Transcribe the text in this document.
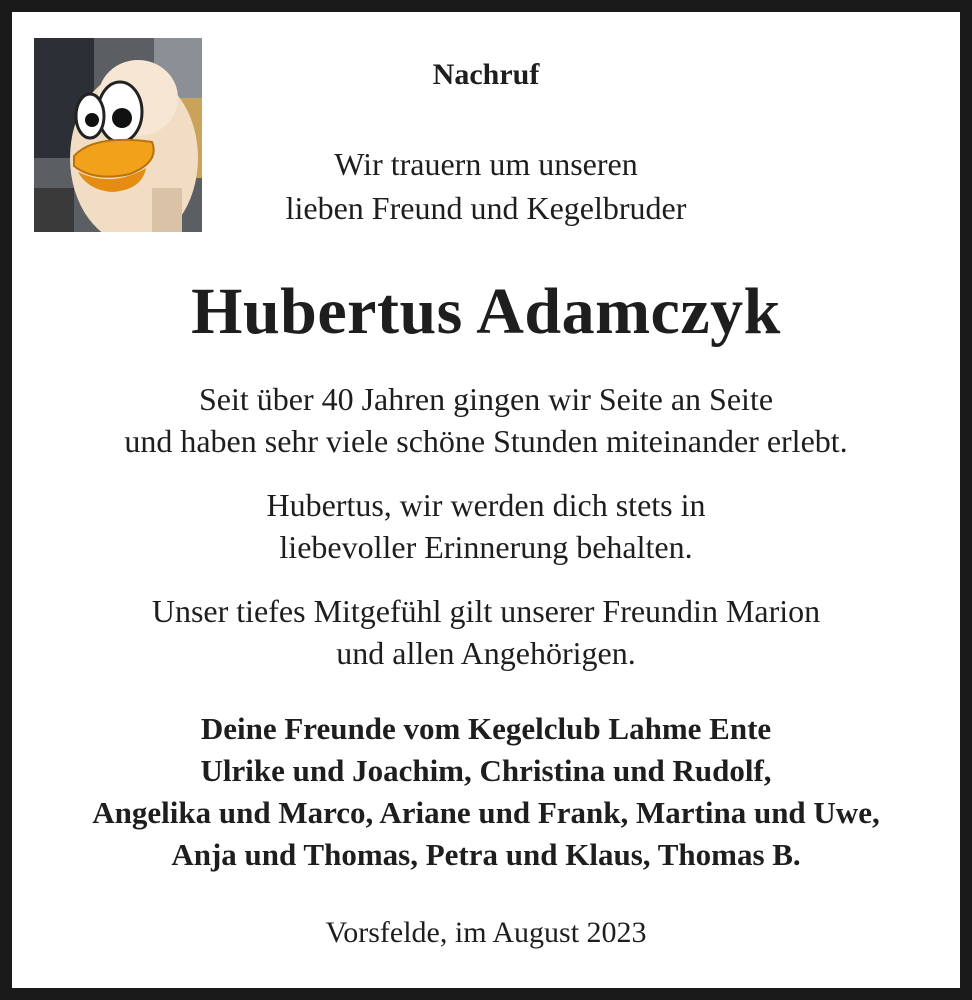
Nachruf
Wir trauern um unseren
lieben Freund und Kegelbruder
Hubertus Adamczyk
Seit über 40 Jahren gingen wir Seite an Seite
und haben sehr viele schöne Stunden miteinander erlebt.
Hubertus, wir werden dich stets in
liebevoller Erinnerung behalten.
Unser tiefes Mitgefühl gilt unserer Freundin Marion
und allen Angehörigen.
Deine Freunde vom Kegelclub Lahme Ente
Ulrike und Joachim, Christina und Rudolf,
Angelika und Marco, Ariane und Frank, Martina und Uwe,
Anja und Thomas, Petra und Klaus, Thomas B.
Vorsfelde, im August 2023
